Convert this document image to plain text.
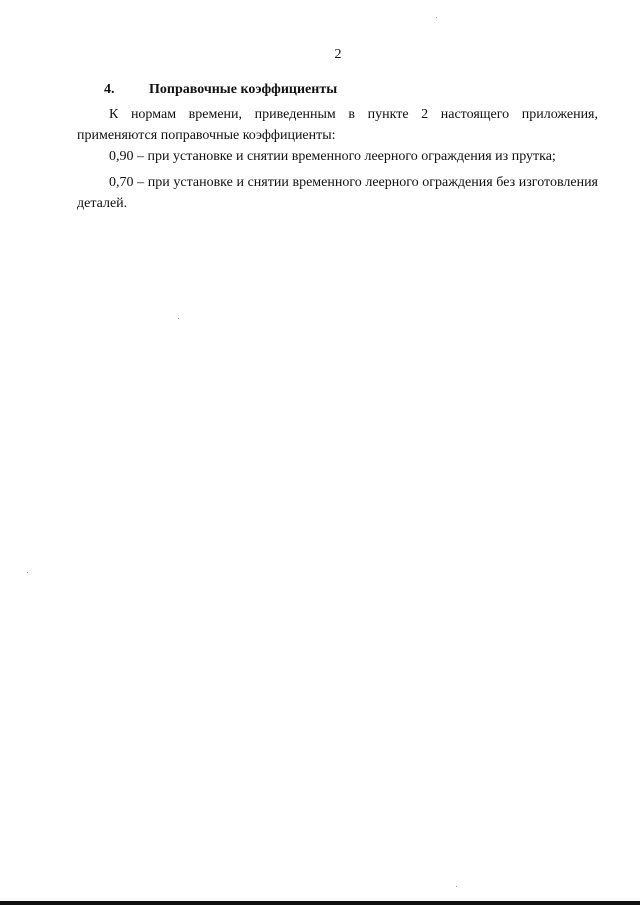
2
4. Поправочные коэффициенты

К нормам времени, приведенным в пункте 2 настоящего приложения, применяются поправочные коэффициенты:

0,90 – при установке и снятии временного леерного ограждения из прутка;

0,70 – при установке и снятии временного леерного ограждения без изготовления
деталей.
